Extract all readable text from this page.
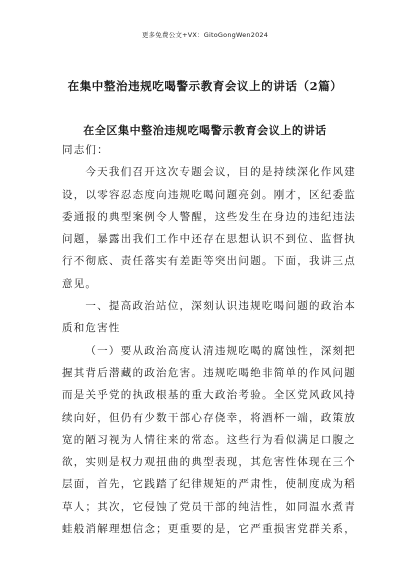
更多免费公文+VX：GitoGongWen2024
在集中整治违规吃喝警示教育会议上的讲话（2篇）
在全区集中整治违规吃喝警示教育会议上的讲话
同志们：
今天我们召开这次专题会议，目的是持续深化作风建
设，以零容忍态度向违规吃喝问题亮剑。刚才，区纪委监
委通报的典型案例令人警醒，这些发生在身边的违纪违法
问题，暴露出我们工作中还存在思想认识不到位、监督执
行不彻底、责任落实有差距等突出问题。下面，我讲三点
意见。
一、提高政治站位，深刻认识违规吃喝问题的政治本
质和危害性
（一）要从政治高度认清违规吃喝的腐蚀性，深刻把
握其背后潜藏的政治危害。违规吃喝绝非简单的作风问题
而是关乎党的执政根基的重大政治考验。全区党风政风持
续向好，但仍有少数干部心存侥幸，将酒杯一端，政策放
宽的陋习视为人情往来的常态。这些行为看似满足口腹之
欲，实则是权力观扭曲的典型表现，其危害性体现在三个
层面，首先，它践踏了纪律规矩的严肃性，使制度成为稻
草人；其次，它侵蚀了党员干部的纯洁性，如同温水煮青
蛙般消解理想信念；更重要的是，它严重损害党群关系，
